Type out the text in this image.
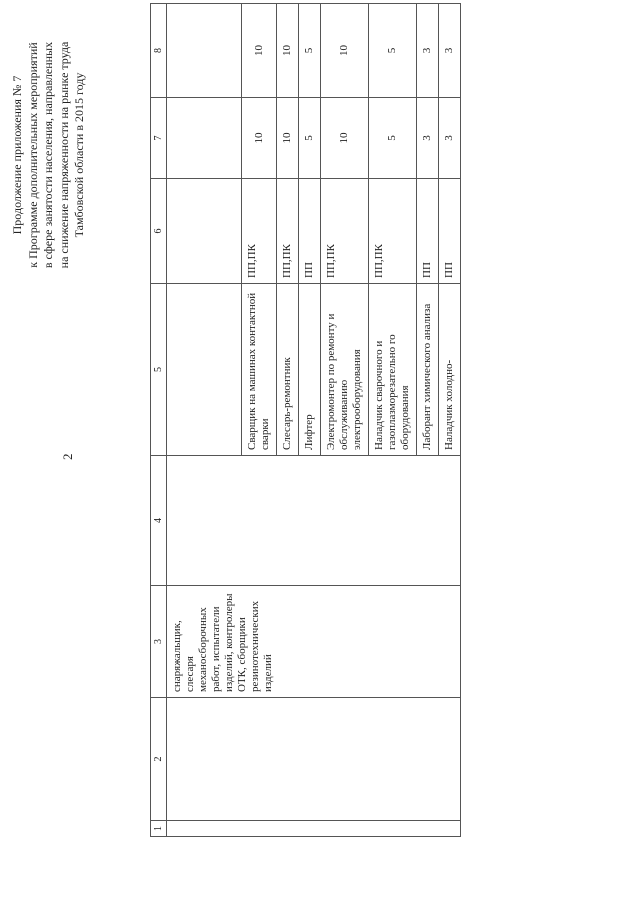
2
Продолжение приложения № 7 к Программе дополнительных мероприятий в сфере занятости населения, направленных на снижение напряженности на рынке труда Тамбовской области в 2015 году
1	2	3	4	5	6	7	8
		снаряжальщик, слесаря механосборочных работ, испытатели изделий, контролеры ОТК, сборщики резинотехнических изделий					
				Сварщик на машинах контактной сварки	ПП,ПК	10	10
				Слесарь-ремонтник	ПП,ПК	10	10
				Лифтер	ПП	5	5
				Электромонтер по ремонту и обслуживанию электрооборудования	ПП,ПК	10	10
				Наладчик сварочного и газоплазморезательно го оборудования	ПП,ПК	5	5
				Лаборант химического анализа	ПП	3	3
				Наладчик холодно-	ПП	3	3
